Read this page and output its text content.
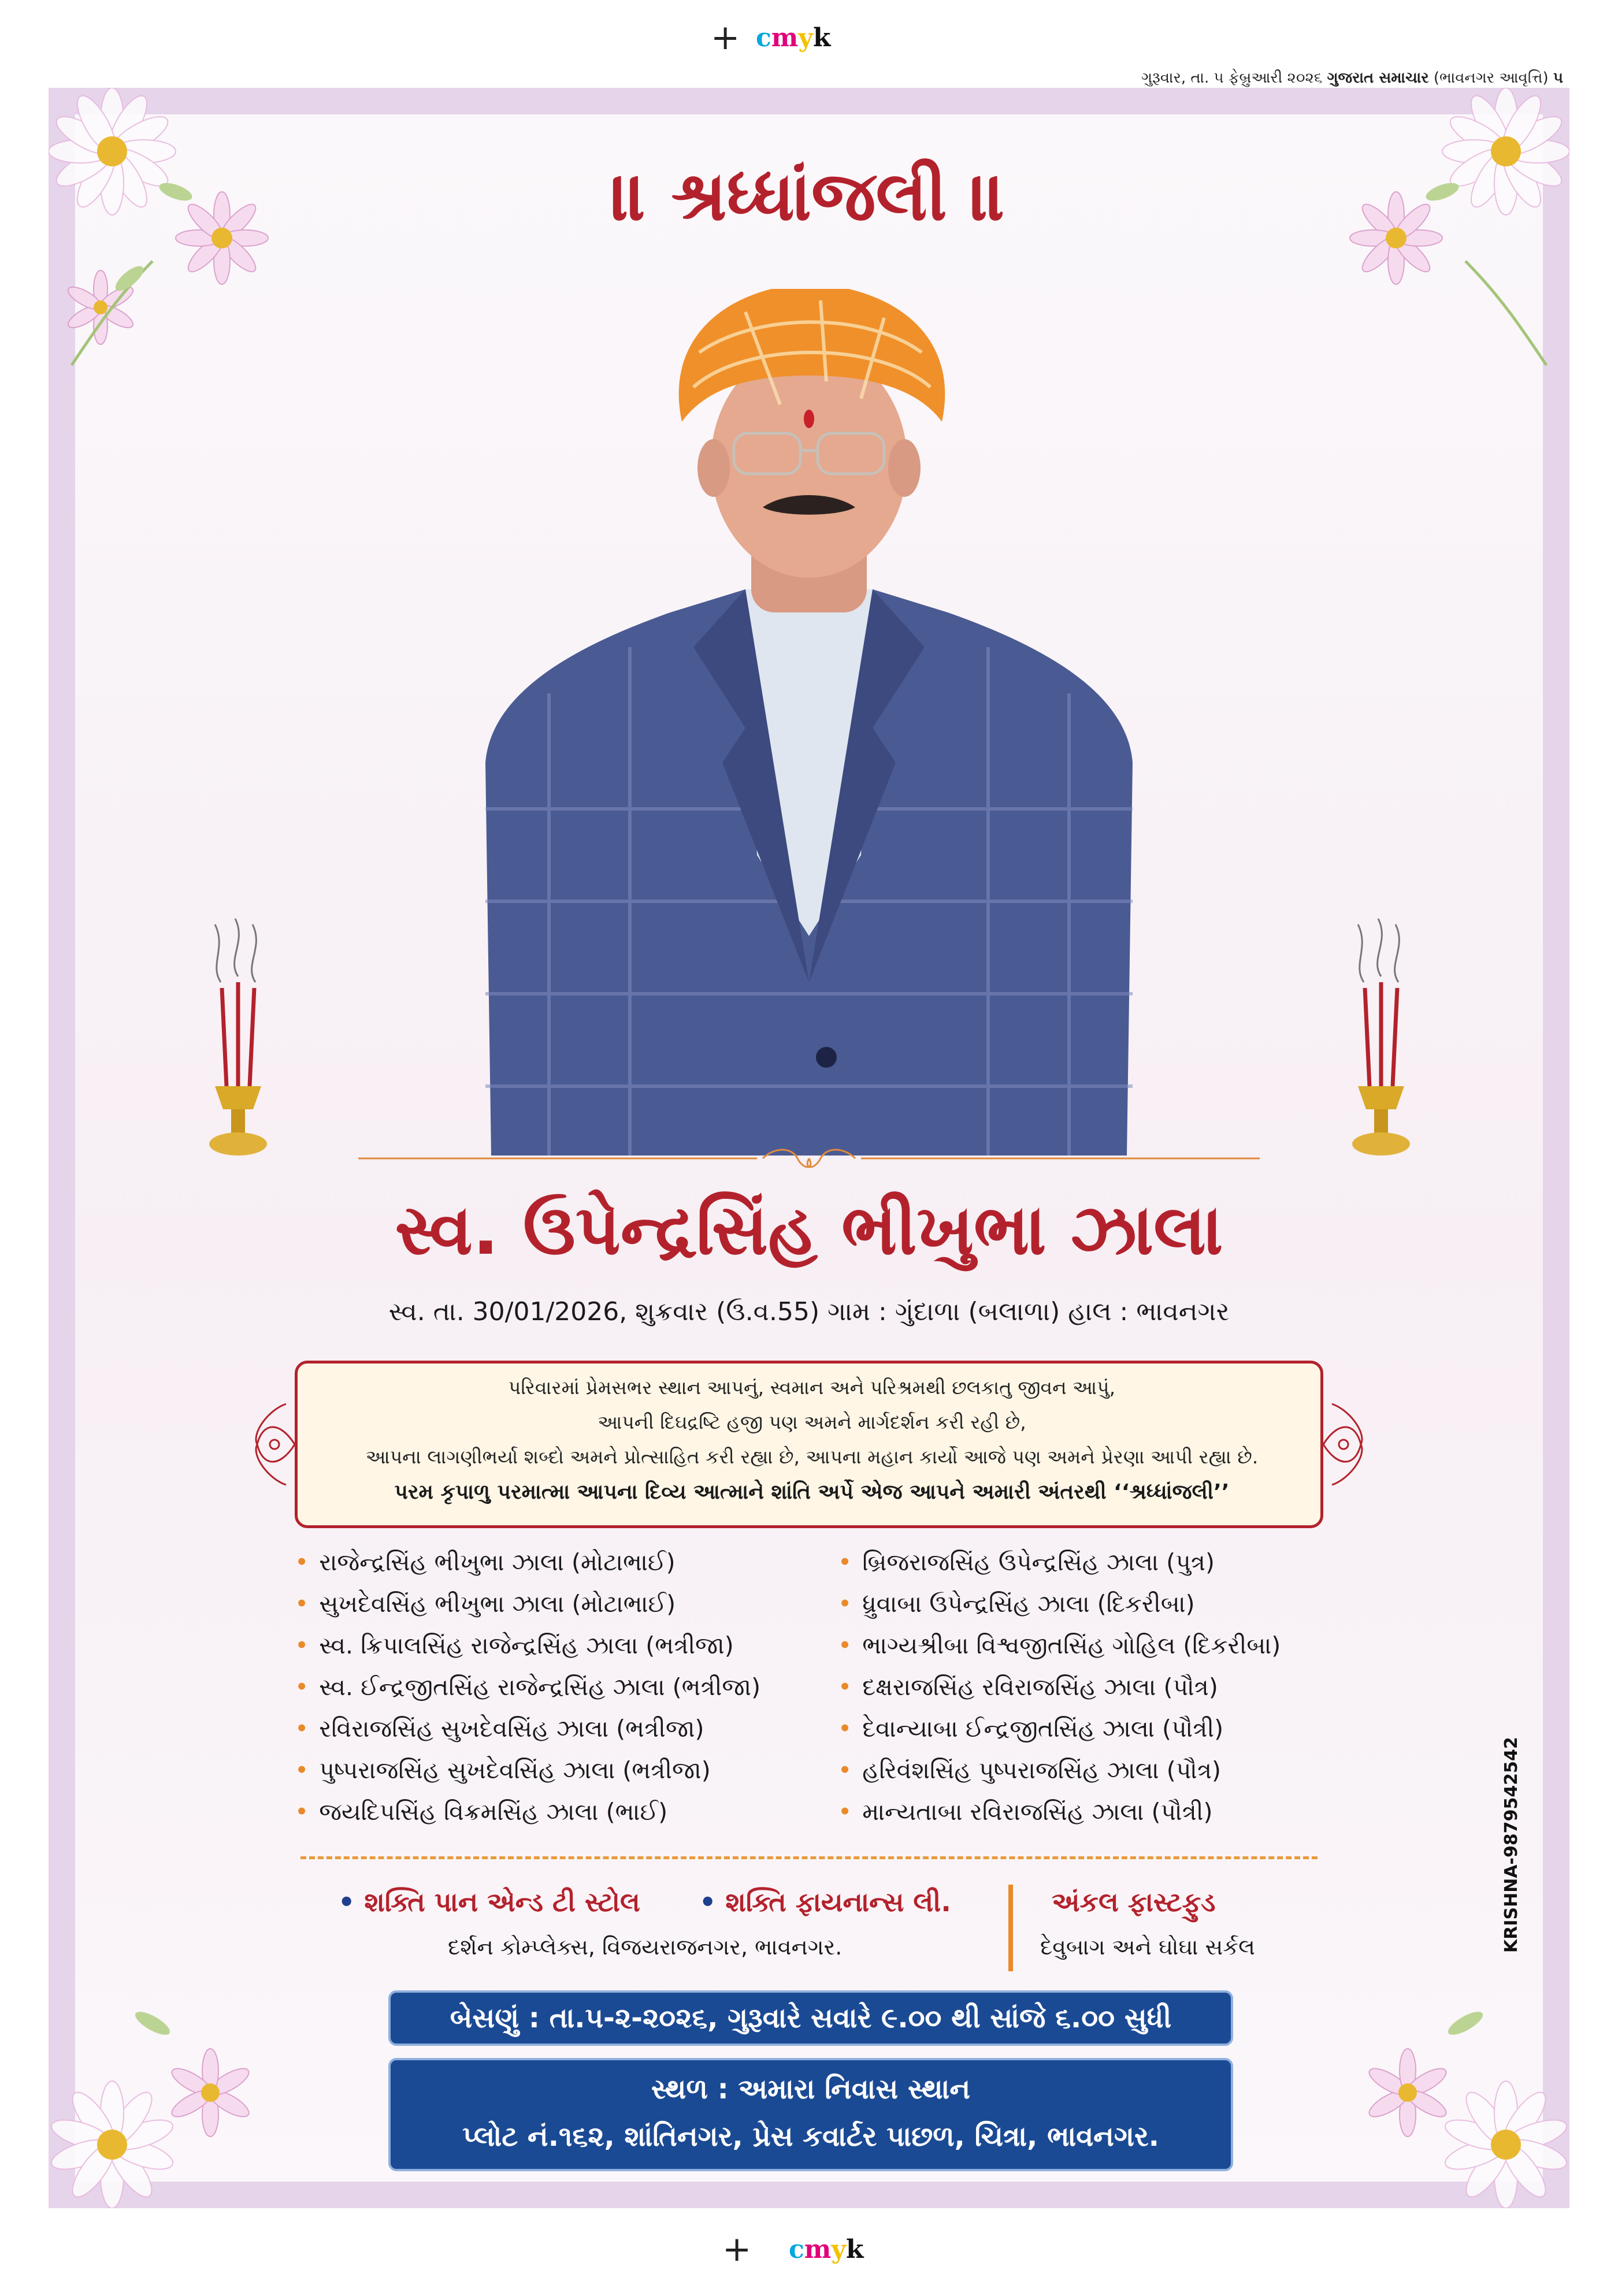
+ cmyk
ગુરૂવાર, તા. ૫ ફેબ્રુઆરી ૨૦૨૬ ગુજરાત સમાચાર (ભાવનગર આવૃત્તિ) ૫
॥ શ્રધ્ધાંજલી ॥
સ્વ. ઉપેન્દ્રસિંહ ભીખુભા ઝાલા
સ્વ. તા. 30/01/2026, શુક્રવાર (ઉ.વ.55) ગામ : ગુંદાળા (બલાળા) હાલ : ભાવનગર
પરિવારમાં પ્રેમસભર સ્થાન આપનું, સ્વમાન અને પરિશ્રમથી છલકાતુ જીવન આપું,
આપની દિઘદ્રષ્ટિ હજી પણ અમને માર્ગદર્શન કરી રહી છે,
આપના લાગણીભર્યા શબ્દો અમને પ્રોત્સાહિત કરી રહ્યા છે, આપના મહાન કાર્યો આજે પણ અમને પ્રેરણા આપી રહ્યા છે.
પરમ કૃપાળુ પરમાત્મા આપના દિવ્ય આત્માને શાંતિ અર્પે એજ આપને અમારી અંતરથી ‘‘શ્રધ્ધાંજલી’’
• રાજેન્દ્રસિંહ ભીખુભા ઝાલા (મોટાભાઈ)
• સુખદેવસિંહ ભીખુભા ઝાલા (મોટાભાઈ)
• સ્વ. ક્રિપાલસિંહ રાજેન્દ્રસિંહ ઝાલા (ભત્રીજા)
• સ્વ. ઈન્દ્રજીતસિંહ રાજેન્દ્રસિંહ ઝાલા (ભત્રીજા)
• રવિરાજસિંહ સુખદેવસિંહ ઝાલા (ભત્રીજા)
• પુષ્પરાજસિંહ સુખદેવસિંહ ઝાલા (ભત્રીજા)
• જયદિપસિંહ વિક્રમસિંહ ઝાલા (ભાઈ)
• બ્રિજરાજસિંહ ઉપેન્દ્રસિંહ ઝાલા (પુત્ર)
• ધ્રુવાબા ઉપેન્દ્રસિંહ ઝાલા (દિકરીબા)
• ભાગ્યશ્રીબા વિશ્વજીતસિંહ ગોહિલ (દિકરીબા)
• દક્ષરાજસિંહ રવિરાજસિંહ ઝાલા (પૌત્ર)
• દેવાન્યાબા ઈન્દ્રજીતસિંહ ઝાલા (પૌત્રી)
• હરિવંશસિંહ પુષ્પરાજસિંહ ઝાલા (પૌત્ર)
• માન્યતાબા રવિરાજસિંહ ઝાલા (પૌત્રી)
• શક્તિ પાન એન્ડ ટી સ્ટોલ • શક્તિ ફાયનાન્સ લી.
દર્શન કોમ્પ્લેક્સ, વિજયરાજનગર, ભાવનગર.
અંકલ ફાસ્ટફુડ
દેવુબાગ અને ઘોઘા સર્કલ
બેસણું : તા.૫-૨-૨૦૨૬, ગુરૂવારે સવારે ૯.૦૦ થી સાંજે ૬.૦૦ સુધી
સ્થળ : અમારા નિવાસ સ્થાન
પ્લોટ નં.૧૬૨, શાંતિનગર, પ્રેસ કવાર્ટર પાછળ, ચિત્રા, ભાવનગર.
KRISHNA-9879542542
+ cmyk
